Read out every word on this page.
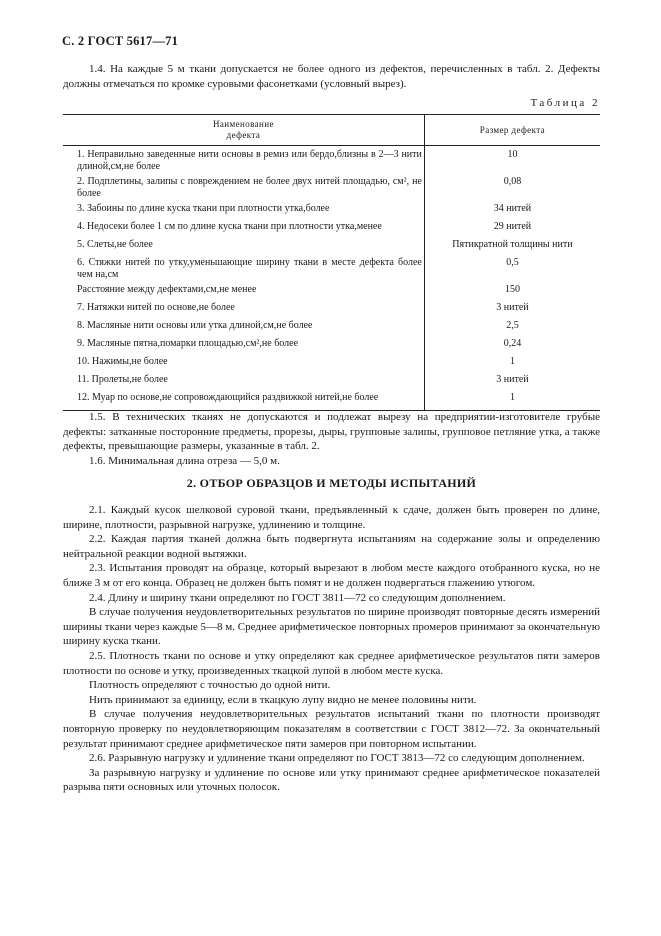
С. 2 ГОСТ 5617—71

1.4. На каждые 5 м ткани допускается не более одного из дефектов, перечисленных в табл. 2. Дефекты должны отмечаться по кромке суровыми фасонетками (условный вырез).

Таблица 2
Наименование дефекта	Размер дефекта
1. Неправильно заведенные нити основы в ремиз или бердо,близны в 2—3 нити длиной,см,не более	10
2. Подплетины, залипы с повреждением не более двух нитей площадью, см², не более	0,08
3. Забоины по длине куска ткани при плотности утка,более	34 нитей
4. Недосеки более 1 см по длине куска ткани при плотности утка,менее	29 нитей
5. Слеты,не более	Пятикратной толщины нити
6. Стяжки нитей по утку,уменьшающие ширину ткани в месте дефекта более чем на,см	0,5
Расстояние между дефектами,см,не менее	150
7. Натяжки нитей по основе,не более	3 нитей
8. Масляные нити основы или утка длиной,см,не более	2,5
9. Масляные пятна,помарки площадью,см²,не более	0,24
10. Нажимы,не более	1
11. Пролеты,не более	3 нитей
12. Муар по основе,не сопровождающийся раздвижкой нитей,не более	1

1.5. В технических тканях не допускаются и подлежат вырезу на предприятии-изготовителе грубые дефекты: затканные посторонние предметы, прорезы, дыры, групповые залипы, групповое петляние утка, а также дефекты, превышающие размеры, указанные в табл. 2.

1.6. Минимальная длина отреза — 5,0 м.

2. ОТБОР ОБРАЗЦОВ И МЕТОДЫ ИСПЫТАНИЙ

2.1. Каждый кусок шелковой суровой ткани, предъявленный к сдаче, должен быть проверен по длине, ширине, плотности, разрывной нагрузке, удлинению и толщине.

2.2. Каждая партия тканей должна быть подвергнута испытаниям на содержание золы и определению нейтральной реакции водной вытяжки.

2.3. Испытания проводят на образце, который вырезают в любом месте каждого отобранного куска, но не ближе 3 м от его конца. Образец не должен быть помят и не должен подвергаться глажению утюгом.

2.4. Длину и ширину ткани определяют по ГОСТ 3811—72 со следующим дополнением.

В случае получения неудовлетворительных результатов по ширине производят повторные десять измерений ширины ткани через каждые 5—8 м. Среднее арифметическое повторных промеров принимают за окончательную ширину куска ткани.

2.5. Плотность ткани по основе и утку определяют как среднее арифметическое результатов пяти замеров плотности по основе и утку, произведенных ткацкой лупой в любом месте куска.

Плотность определяют с точностью до одной нити.

Нить принимают за единицу, если в ткацкую лупу видно не менее половины нити.

В случае получения неудовлетворительных результатов испытаний ткани по плотности производят повторную проверку по неудовлетворяющим показателям в соответствии с ГОСТ 3812—72. За окончательный результат принимают среднее арифметическое пяти замеров при повторном испытании.

2.6. Разрывную нагрузку и удлинение ткани определяют по ГОСТ 3813—72 со следующим дополнением.

За разрывную нагрузку и удлинение по основе или утку принимают среднее арифметическое показателей разрыва пяти основных или уточных полосок.
